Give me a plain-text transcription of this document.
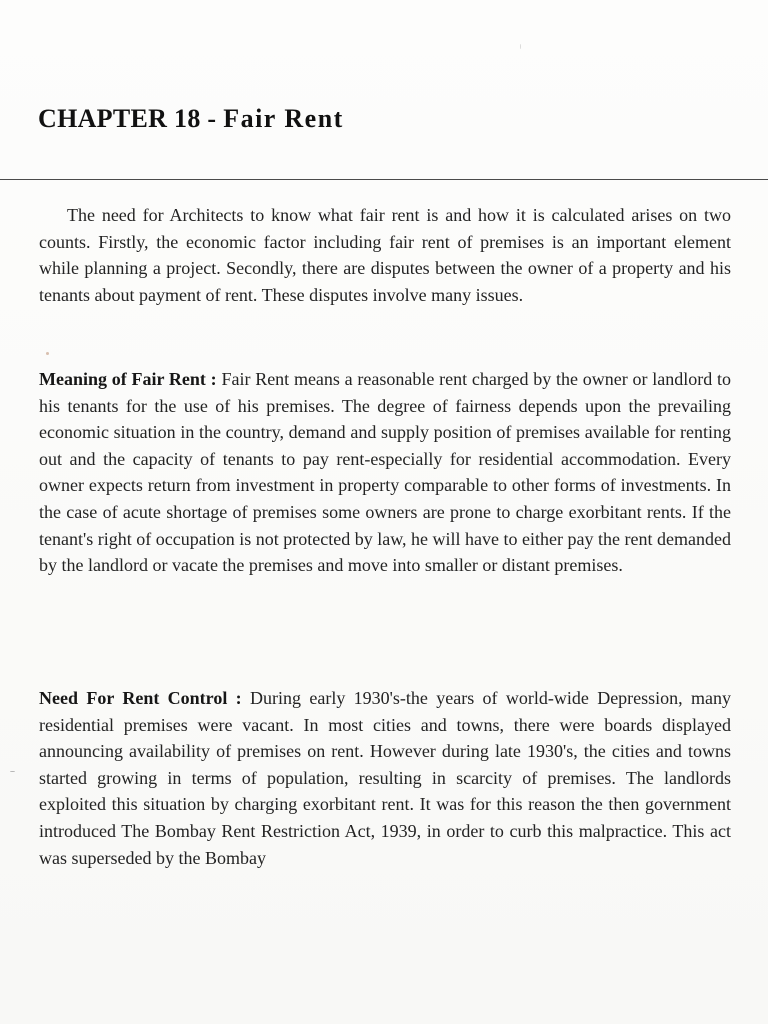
CHAPTER 18 - Fair Rent

The need for Architects to know what fair rent is and how it is calculated arises on two counts. Firstly, the economic factor including fair rent of premises is an important element while planning a project. Secondly, there are disputes between the owner of a property and his tenants about payment of rent. These disputes involve many issues.

Meaning of Fair Rent : Fair Rent means a reasonable rent charged by the owner or landlord to his tenants for the use of his premises. The degree of fairness depends upon the prevailing economic situation in the country, demand and supply position of premises available for renting out and the capacity of tenants to pay rent-especially for residential accommodation. Every owner expects return from investment in property comparable to other forms of investments. In the case of acute shortage of premises some owners are prone to charge exorbitant rents. If the tenant's right of occupation is not protected by law, he will have to either pay the rent demanded by the landlord or vacate the premises and move into smaller or distant premises.

Need For Rent Control : During early 1930's-the years of world-wide Depression, many residential premises were vacant. In most cities and towns, there were boards displayed announcing availability of premises on rent. However during late 1930's, the cities and towns started growing in terms of population, resulting in scarcity of premises. The landlords exploited this situation by charging exorbitant rent. It was for this reason the then government introduced The Bombay Rent Restriction Act, 1939, in order to curb this malpractice. This act was superseded by the Bombay
